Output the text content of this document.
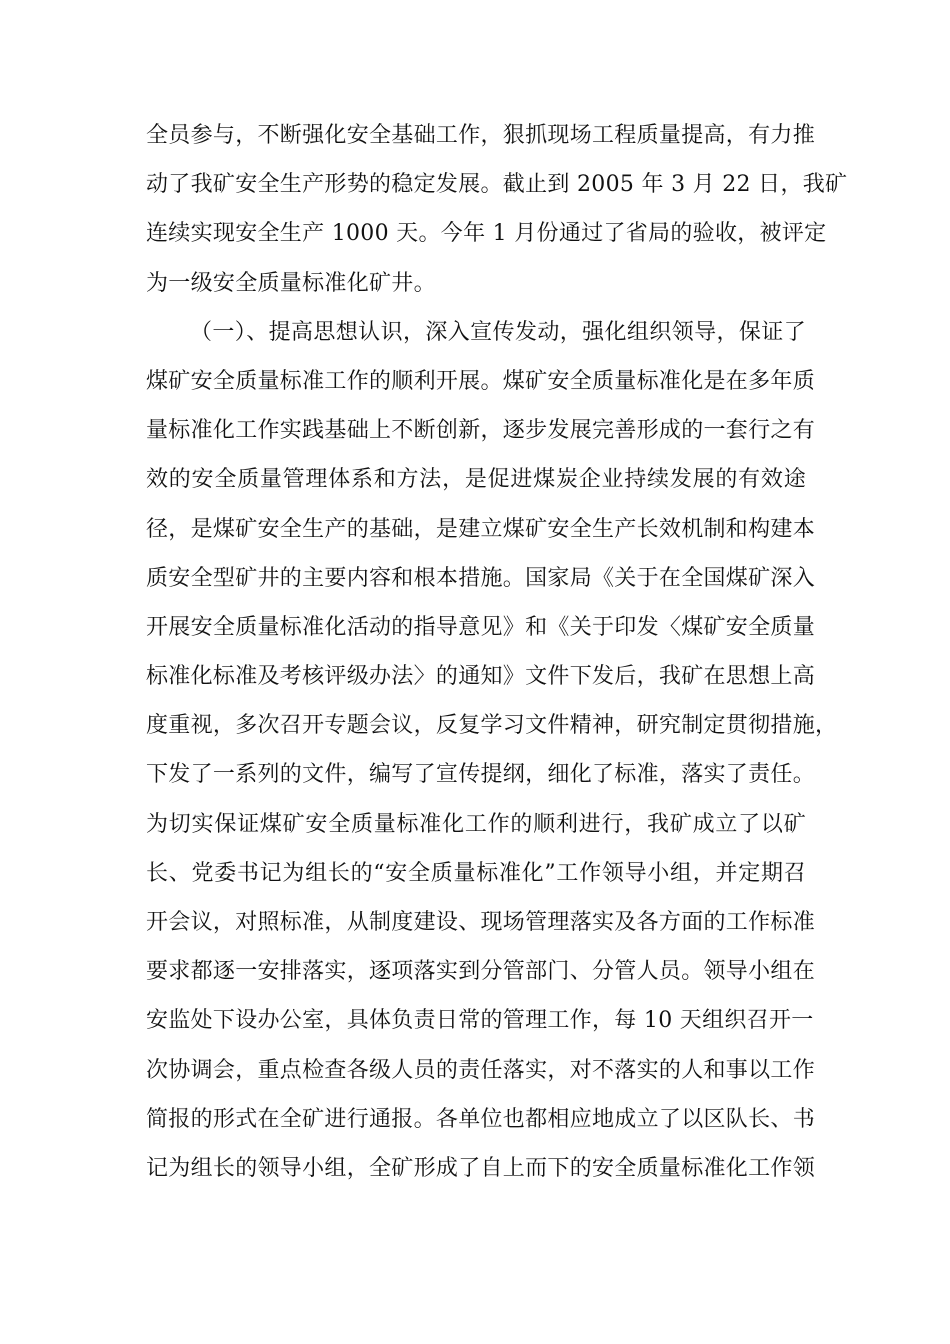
全员参与，不断强化安全基础工作，狠抓现场工程质量提高，有力推
动了我矿安全生产形势的稳定发展。截止到 2005 年 3 月 22 日，我矿
连续实现安全生产 1000 天。今年 1 月份通过了省局的验收，被评定
为一级安全质量标准化矿井。
（一）、提高思想认识，深入宣传发动，强化组织领导，保证了
煤矿安全质量标准工作的顺利开展。煤矿安全质量标准化是在多年质
量标准化工作实践基础上不断创新，逐步发展完善形成的一套行之有
效的安全质量管理体系和方法，是促进煤炭企业持续发展的有效途
径，是煤矿安全生产的基础，是建立煤矿安全生产长效机制和构建本
质安全型矿井的主要内容和根本措施。国家局《关于在全国煤矿深入
开展安全质量标准化活动的指导意见》和《关于印发〈煤矿安全质量
标准化标准及考核评级办法〉的通知》文件下发后，我矿在思想上高
度重视，多次召开专题会议，反复学习文件精神，研究制定贯彻措施，
下发了一系列的文件，编写了宣传提纲，细化了标准，落实了责任。
为切实保证煤矿安全质量标准化工作的顺利进行，我矿成立了以矿
长、党委书记为组长的“安全质量标准化”工作领导小组，并定期召
开会议，对照标准，从制度建设、现场管理落实及各方面的工作标准
要求都逐一安排落实，逐项落实到分管部门、分管人员。领导小组在
安监处下设办公室，具体负责日常的管理工作，每 10 天组织召开一
次协调会，重点检查各级人员的责任落实，对不落实的人和事以工作
简报的形式在全矿进行通报。各单位也都相应地成立了以区队长、书
记为组长的领导小组，全矿形成了自上而下的安全质量标准化工作领
